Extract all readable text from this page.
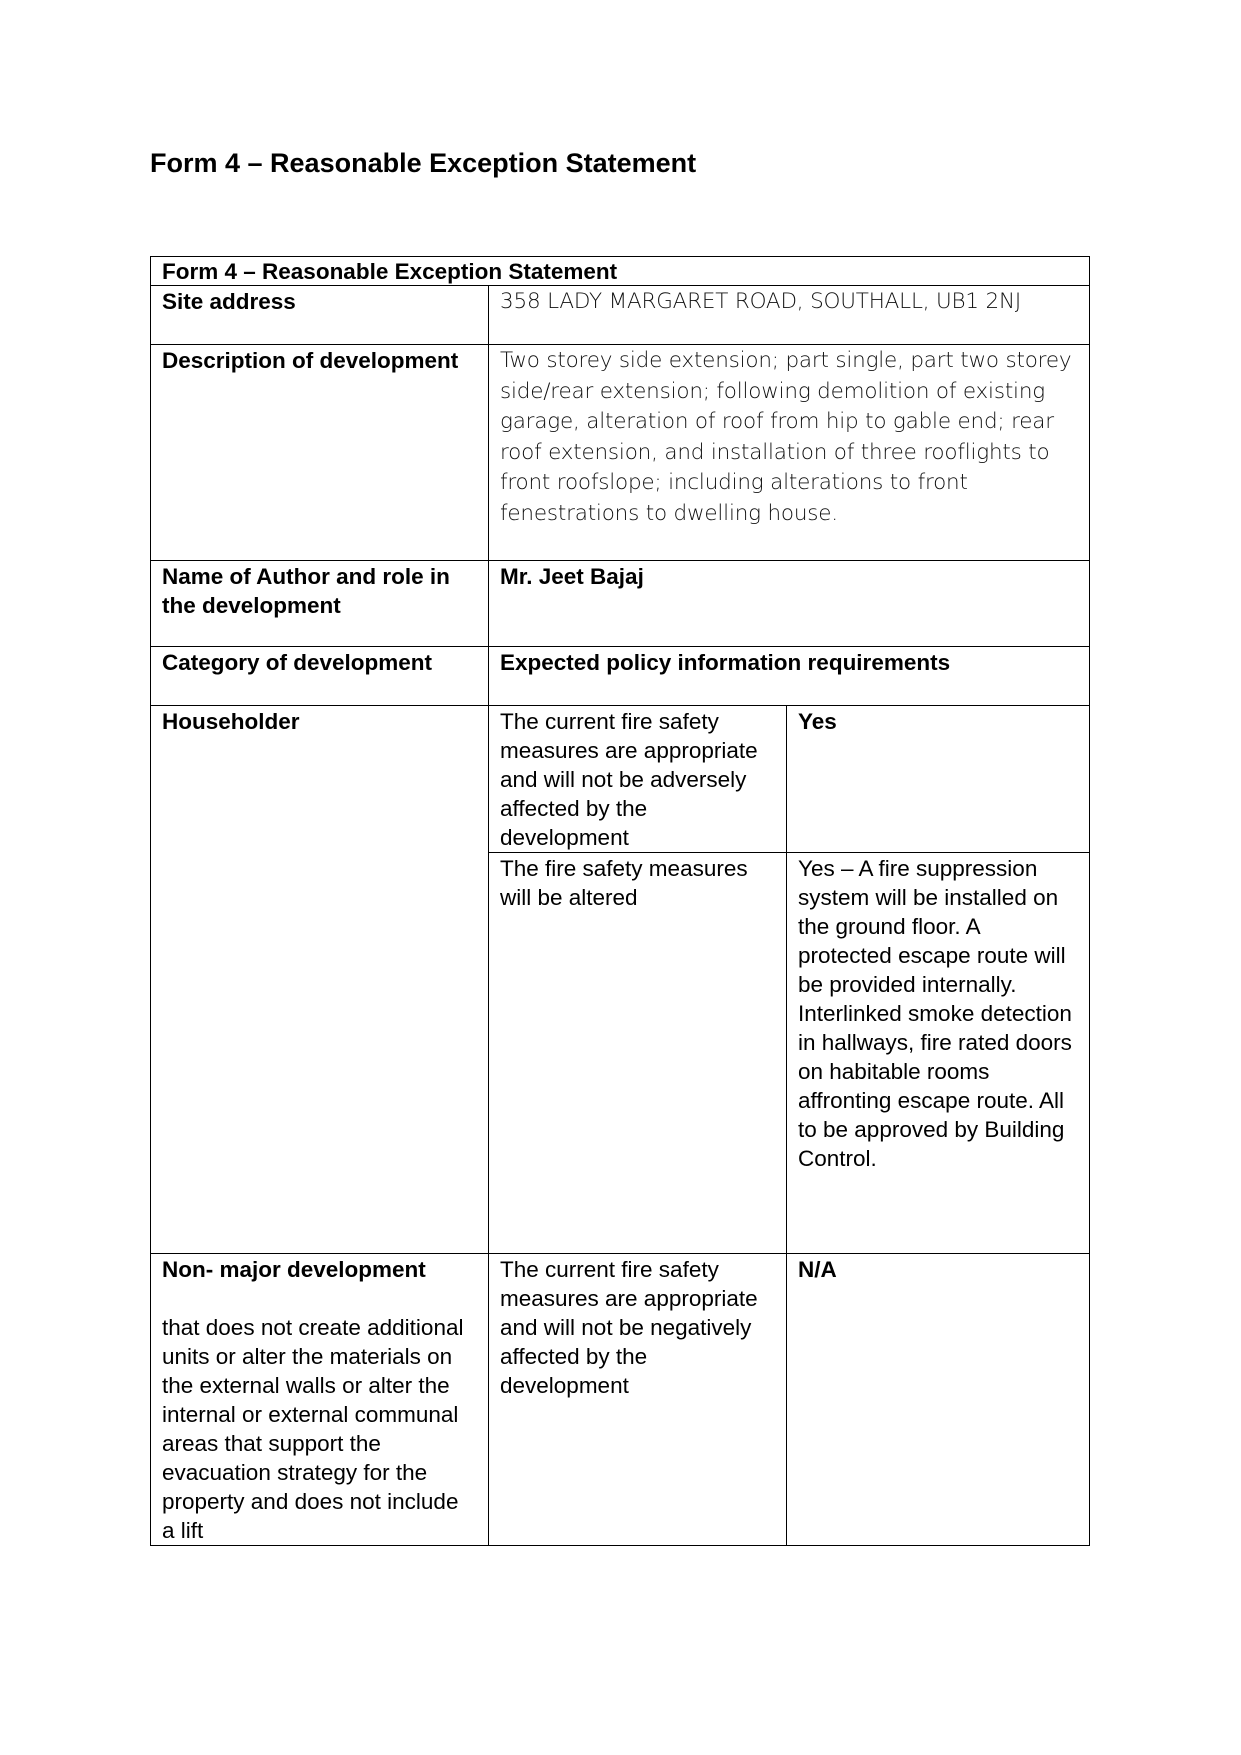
Form 4 – Reasonable Exception Statement
Form 4 – Reasonable Exception Statement		
Site address	358 LADY MARGARET ROAD, SOUTHALL, UB1 2NJ	
Description of development	Two storey side extension; part single, part two storey side/rear extension; following demolition of existing garage, alteration of roof from hip to gable end; rear roof extension, and installation of three rooflights to front roofslope; including alterations to front fenestrations to dwelling house.	
Name of Author and role in the development	Mr. Jeet Bajaj	
Category of development	Expected policy information requirements	
Householder	The current fire safety measures are appropriate and will not be adversely affected by the development	Yes
	The fire safety measures will be altered	Yes – A fire suppression system will be installed on the ground floor. A protected escape route will be provided internally. Interlinked smoke detection in hallways, fire rated doors on habitable rooms affronting escape route. All to be approved by Building Control.
Non- major development
that does not create additional units or alter the materials on the external walls or alter the internal or external communal areas that support the evacuation strategy for the property and does not include a lift	The current fire safety measures are appropriate and will not be negatively affected by the development	N/A
